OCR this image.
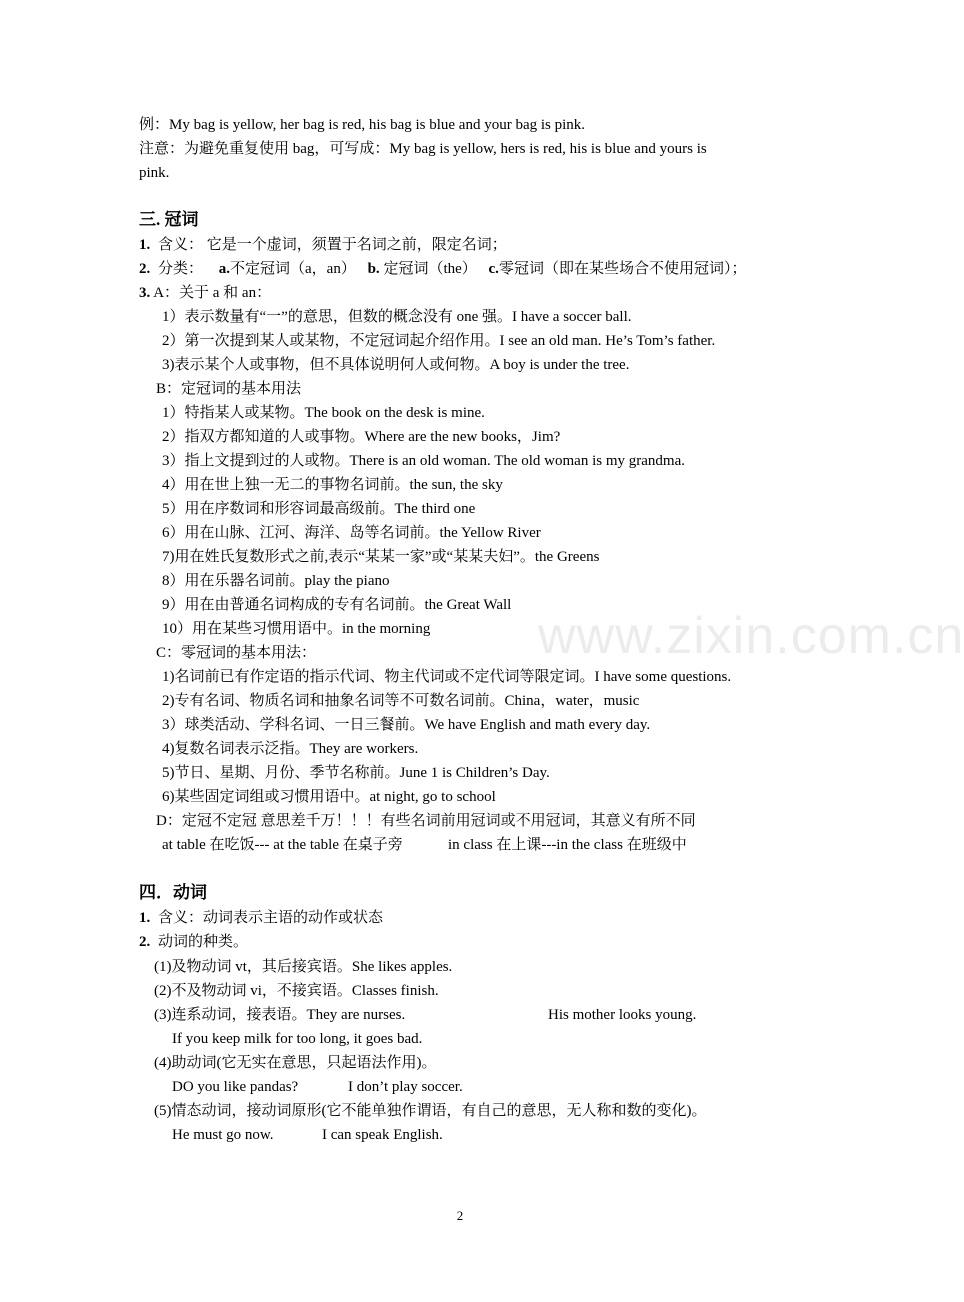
www.zixin.com.cn
例：My bag is yellow, her bag is red, his bag is blue and your bag is pink.
注意：为避免重复使用 bag，可写成：My bag is yellow, hers is red, his is blue and yours is
pink.
三. 冠词
1. 含义： 它是一个虚词，须置于名词之前，限定名词；
2. 分类： a.不定冠词（a，an） b. 定冠词（the） c.零冠词（即在某些场合不使用冠词）；
3. A：关于 a 和 an：
1）表示数量有“一”的意思，但数的概念没有 one 强。I have a soccer ball.
2）第一次提到某人或某物，不定冠词起介绍作用。I see an old man. He’s Tom’s father.
3)表示某个人或事物，但不具体说明何人或何物。A boy is under the tree.
B：定冠词的基本用法
1）特指某人或某物。The book on the desk is mine.
2）指双方都知道的人或事物。Where are the new books，Jim?
3）指上文提到过的人或物。There is an old woman. The old woman is my grandma.
4）用在世上独一无二的事物名词前。the sun, the sky
5）用在序数词和形容词最高级前。The third one
6）用在山脉、江河、海洋、岛等名词前。the Yellow River
7)用在姓氏复数形式之前,表示“某某一家”或“某某夫妇”。the Greens
8）用在乐器名词前。play the piano
9）用在由普通名词构成的专有名词前。the Great Wall
10）用在某些习惯用语中。in the morning
C：零冠词的基本用法：
1)名词前已有作定语的指示代词、物主代词或不定代词等限定词。I have some questions.
2)专有名词、物质名词和抽象名词等不可数名词前。China，water，music
3）球类活动、学科名词、一日三餐前。We have English and math every day.
4)复数名词表示泛指。They are workers.
5)节日、星期、月份、季节名称前。June 1 is Children’s Day.
6)某些固定词组或习惯用语中。at night, go to school
D：定冠不定冠 意思差千万！！！有些名词前用冠词或不用冠词，其意义有所不同
at table 在吃饭--- at the table 在桌子旁	in class 在上课---in the class 在班级中
四．动词
1. 含义：动词表示主语的动作或状态
2. 动词的种类。
(1)及物动词 vt，其后接宾语。She likes apples.
(2)不及物动词 vi，不接宾语。Classes finish.
(3)连系动词，接表语。They are nurses.	His mother looks young.
If you keep milk for too long, it goes bad.
(4)助动词(它无实在意思，只起语法作用)。
DO you like pandas?	I don’t play soccer.
(5)情态动词，接动词原形(它不能单独作谓语，有自己的意思，无人称和数的变化)。
He must go now.	I can speak English.
2
